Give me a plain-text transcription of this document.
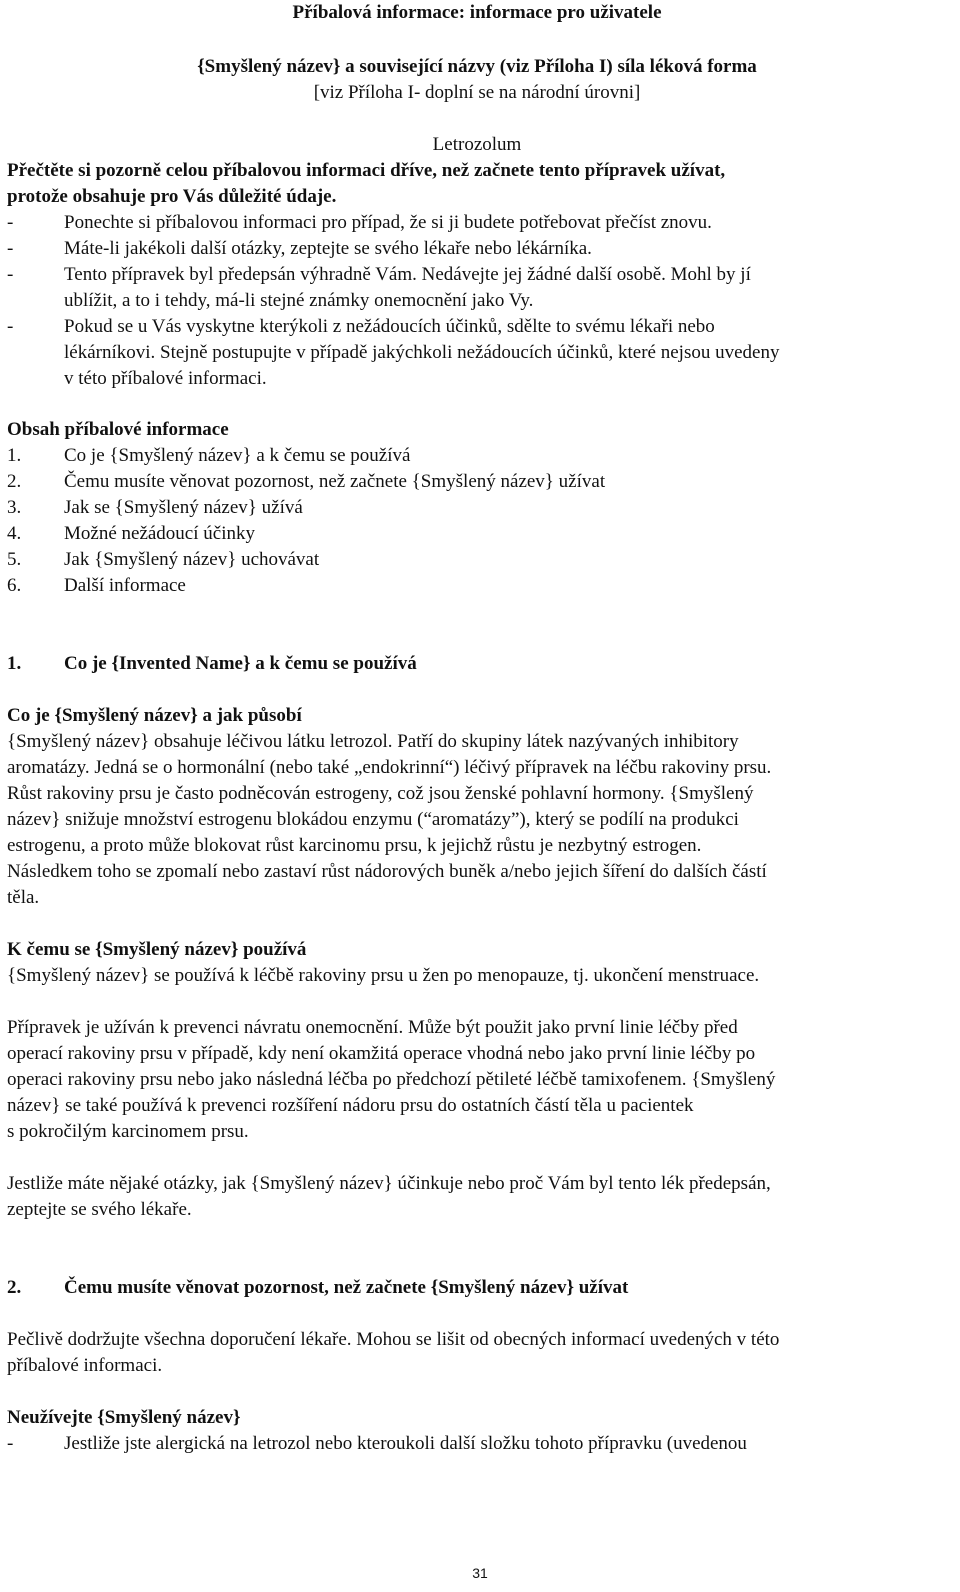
Příbalová informace: informace pro uživatele
{Smyšlený název} a související názvy (viz Příloha I) síla léková forma
[viz Příloha I- doplní se na národní úrovni]
Letrozolum
Přečtěte si pozorně celou příbalovou informaci dříve, než začnete tento přípravek užívat,
protože obsahuje pro Vás důležité údaje.
-	Ponechte si příbalovou informaci pro případ, že si ji budete potřebovat přečíst znovu.
-	Máte-li jakékoli další otázky, zeptejte se svého lékaře nebo lékárníka.
-	Tento přípravek byl předepsán výhradně Vám. Nedávejte jej žádné další osobě. Mohl by jí
ublížit, a to i tehdy, má-li stejné známky onemocnění jako Vy.
-	Pokud se u Vás vyskytne kterýkoli z nežádoucích účinků, sdělte to svému lékaři nebo
lékárníkovi. Stejně postupujte v případě jakýchkoli nežádoucích účinků, které nejsou uvedeny
v této příbalové informaci.
Obsah příbalové informace
1. Co je {Smyšlený název} a k čemu se používá
2. Čemu musíte věnovat pozornost, než začnete {Smyšlený název} užívat
3. Jak se {Smyšlený název} užívá
4. Možné nežádoucí účinky
5. Jak {Smyšlený název} uchovávat
6. Další informace
1. Co je {Invented Name} a k čemu se používá
Co je {Smyšlený název} a jak působí
{Smyšlený název} obsahuje léčivou látku letrozol. Patří do skupiny látek nazývaných inhibitory
aromatázy. Jedná se o hormonální (nebo také „endokrinní“) léčivý přípravek na léčbu rakoviny prsu.
Růst rakoviny prsu je často podněcován estrogeny, což jsou ženské pohlavní hormony. {Smyšlený
název} snižuje množství estrogenu blokádou enzymu (“aromatázy”), který se podílí na produkci
estrogenu, a proto může blokovat růst karcinomu prsu, k jejichž růstu je nezbytný estrogen.
Následkem toho se zpomalí nebo zastaví růst nádorových buněk a/nebo jejich šíření do dalších částí
těla.
K čemu se {Smyšlený název} používá
{Smyšlený název} se používá k léčbě rakoviny prsu u žen po menopauze, tj. ukončení menstruace.
Přípravek je užíván k prevenci návratu onemocnění. Může být použit jako první linie léčby před
operací rakoviny prsu v případě, kdy není okamžitá operace vhodná nebo jako první linie léčby po
operaci rakoviny prsu nebo jako následná léčba po předchozí pětileté léčbě tamixofenem. {Smyšlený
název} se také používá k prevenci rozšíření nádoru prsu do ostatních částí těla u pacientek
s pokročilým karcinomem prsu.
Jestliže máte nějaké otázky, jak {Smyšlený název} účinkuje nebo proč Vám byl tento lék předepsán,
zeptejte se svého lékaře.
2. Čemu musíte věnovat pozornost, než začnete {Smyšlený název} užívat
Pečlivě dodržujte všechna doporučení lékaře. Mohou se lišit od obecných informací uvedených v této
příbalové informaci.
Neužívejte {Smyšlený název}
-	Jestliže jste alergická na letrozol nebo kteroukoli další složku tohoto přípravku (uvedenou
31
